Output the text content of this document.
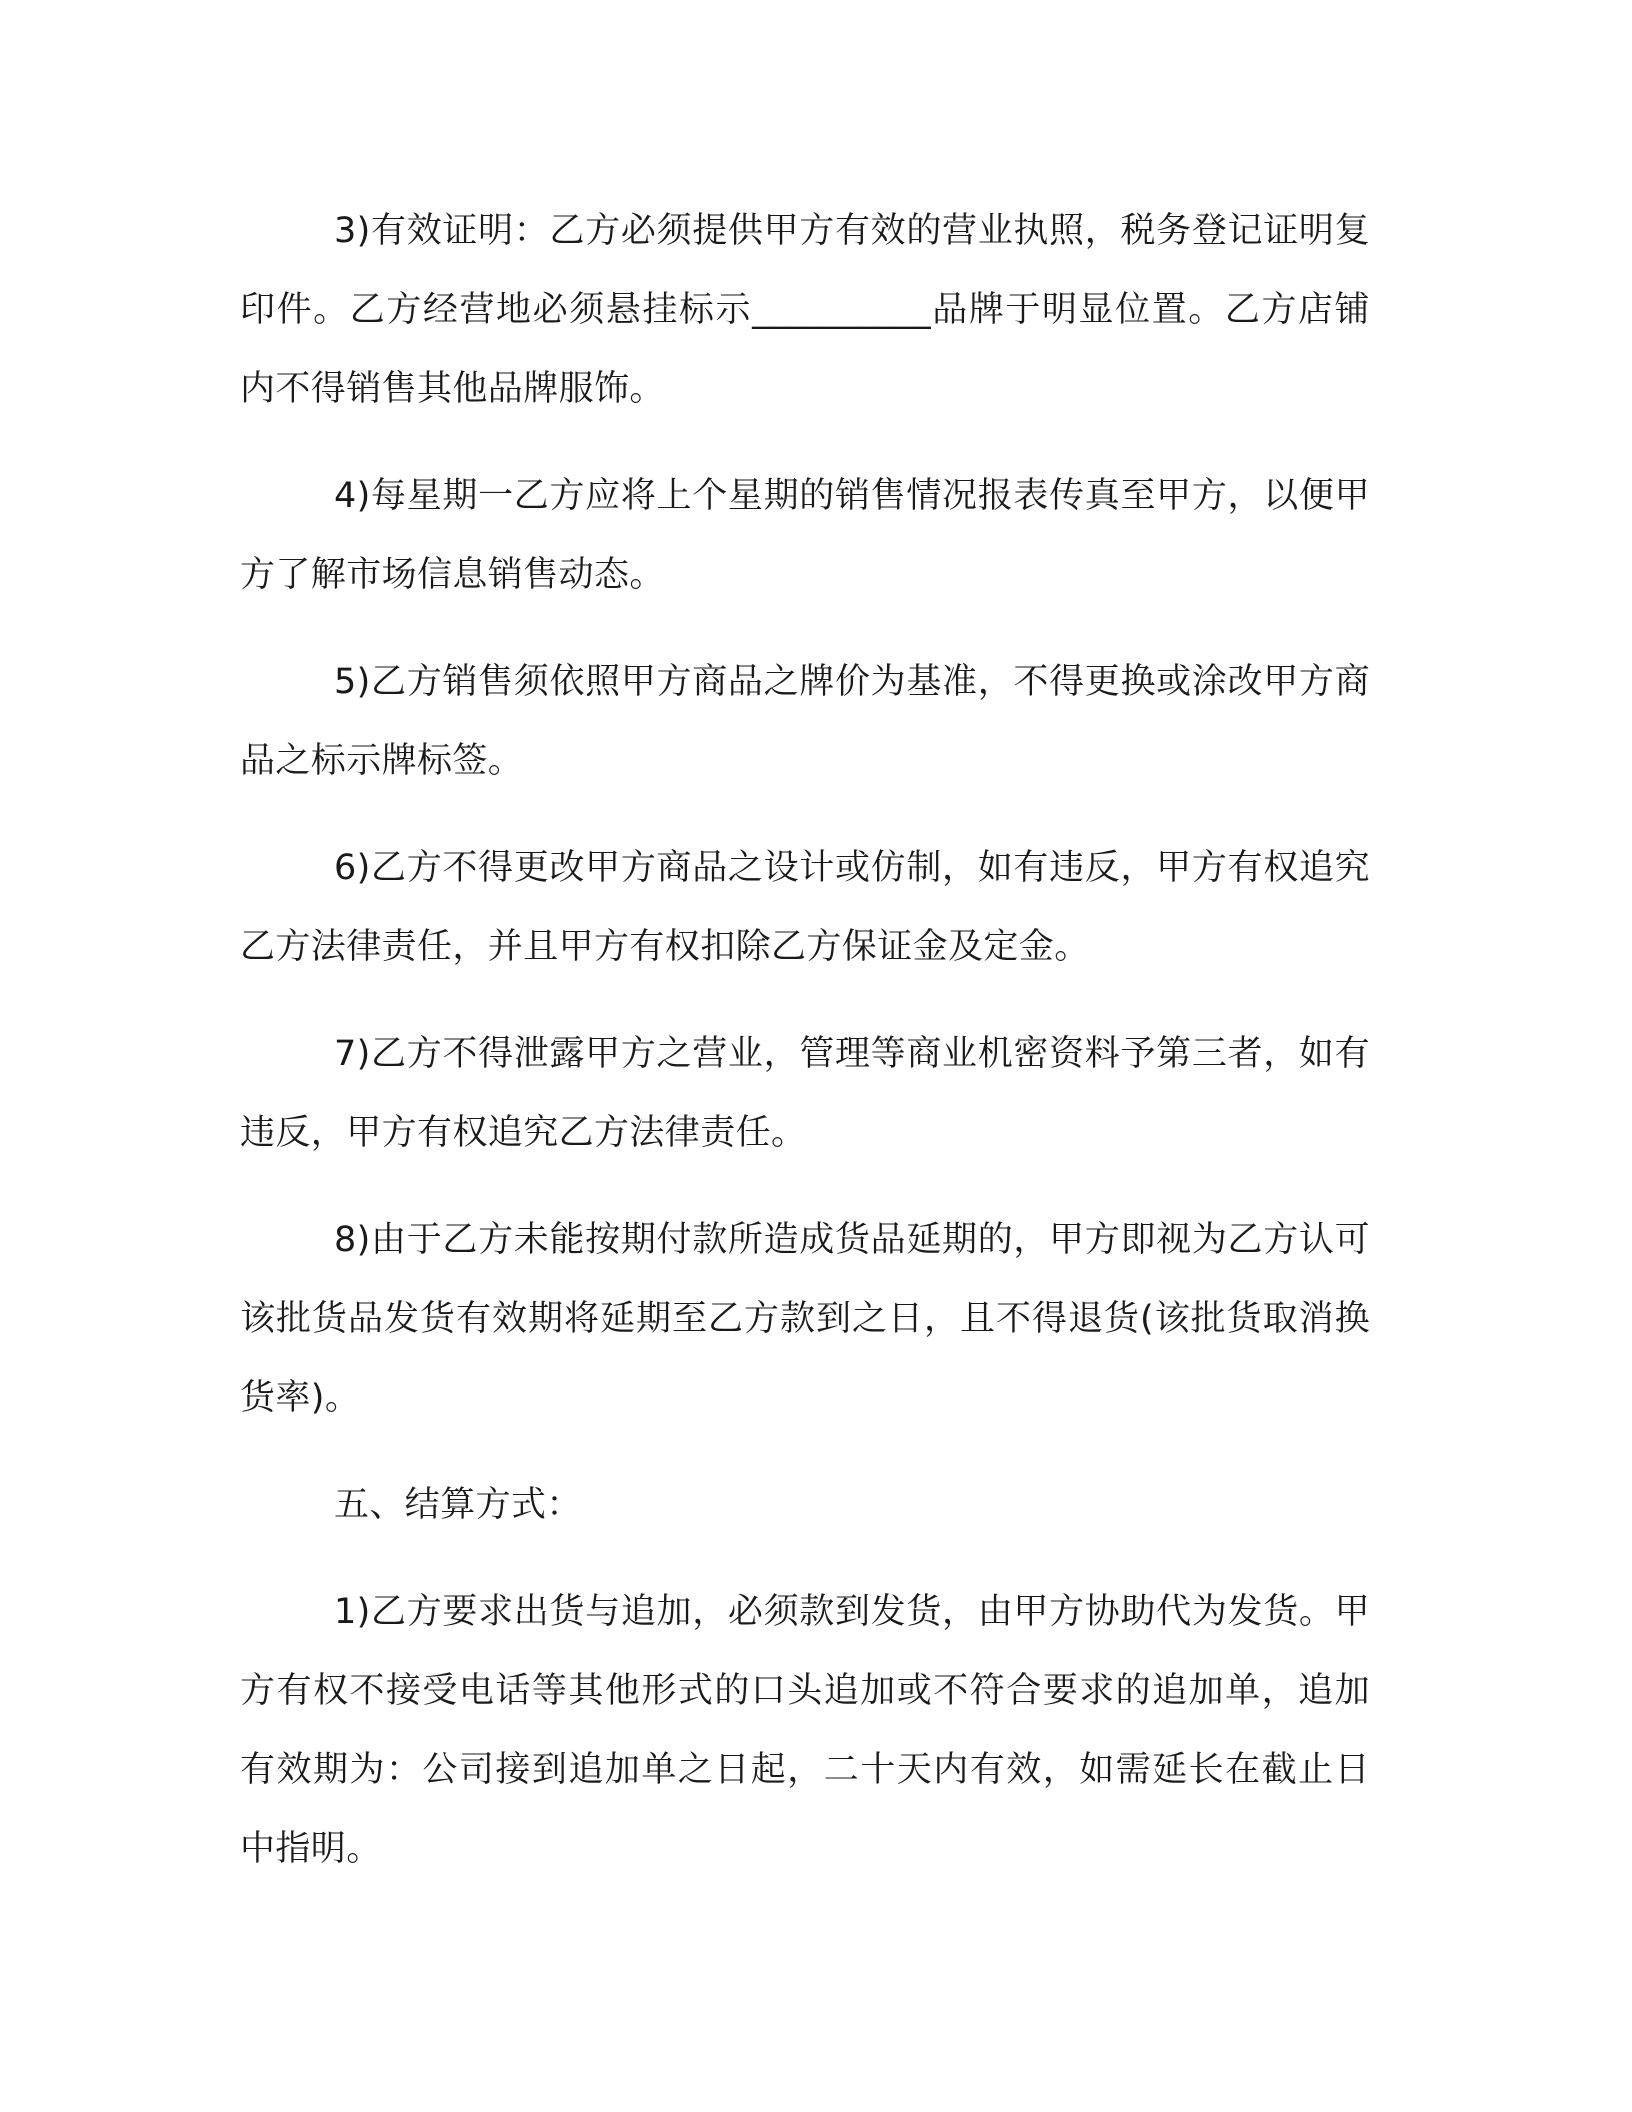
3)有效证明：乙方必须提供甲方有效的营业执照，税务登记证明复印件。乙方经营地必须悬挂标示__________品牌于明显位置。乙方店铺内不得销售其他品牌服饰。

4)每星期一乙方应将上个星期的销售情况报表传真至甲方，以便甲方了解市场信息销售动态。

5)乙方销售须依照甲方商品之牌价为基准，不得更换或涂改甲方商品之标示牌标签。

6)乙方不得更改甲方商品之设计或仿制，如有违反，甲方有权追究乙方法律责任，并且甲方有权扣除乙方保证金及定金。

7)乙方不得泄露甲方之营业，管理等商业机密资料予第三者，如有违反，甲方有权追究乙方法律责任。

8)由于乙方未能按期付款所造成货品延期的，甲方即视为乙方认可该批货品发货有效期将延期至乙方款到之日，且不得退货(该批货取消换货率)。

五、结算方式：

1)乙方要求出货与追加，必须款到发货，由甲方协助代为发货。甲方有权不接受电话等其他形式的口头追加或不符合要求的追加单，追加有效期为：公司接到追加单之日起，二十天内有效，如需延长在截止日中指明。
